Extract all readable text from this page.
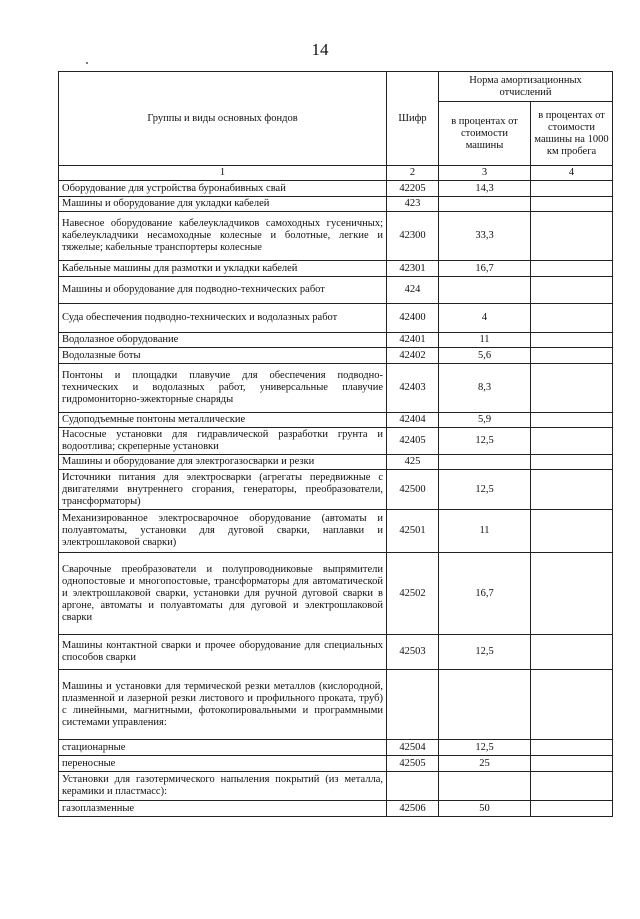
14
Группы и виды основных фондов	Шифр	Норма амортизационных отчислений	
		в процентах от стоимости машины	в процентах от стоимости машины на 1000 км пробега
1	2	3	4
Оборудование для устройства буронабивных свай	42205	14,3	
Машины и оборудование для укладки кабелей	423		
Навесное оборудование кабелеукладчиков самоходных гусеничных; кабелеукладчики несамоходные колесные и болотные, легкие и тяжелые; кабельные транспортеры колесные	42300	33,3	
Кабельные машины для размотки и укладки кабелей	42301	16,7	
Машины и оборудование для подводно-технических работ	424		
Суда обеспечения подводно-технических и водолазных работ	42400	4	
Водолазное оборудование	42401	11	
Водолазные боты	42402	5,6	
Понтоны и площадки плавучие для обеспечения подводно-технических и водолазных работ, универсальные плавучие гидромониторно-эжекторные снаряды	42403	8,3	
Судоподъемные понтоны металлические	42404	5,9	
Насосные установки для гидравлической разработки грунта и водоотлива; скреперные установки	42405	12,5	
Машины и оборудование для электрогазосварки и резки	425		
Источники питания для электросварки (агрегаты передвижные с двигателями внутреннего сгорания, генераторы, преобразователи, трансформаторы)	42500	12,5	
Механизированное электросварочное оборудование (автоматы и полуавтоматы, установки для дуговой сварки, наплавки и электрошлаковой сварки)	42501	11	
Сварочные преобразователи и полупроводниковые выпрямители однопостовые и многопостовые, трансформаторы для автоматической и электрошлаковой сварки, установки для ручной дуговой сварки в аргоне, автоматы и полуавтоматы для дуговой и электрошлаковой сварки	42502	16,7	
Машины контактной сварки и прочее оборудование для специальных способов сварки	42503	12,5	
Машины и установки для термической резки металлов (кислородной, плазменной и лазерной резки листового и профильного проката, труб) с линейными, магнитными, фотокопировальными и программными системами управления:			
стационарные	42504	12,5	
переносные	42505	25	
Установки для газотермического напыления покрытий (из металла, керамики и пластмасс):			
газоплазменные	42506	50	
